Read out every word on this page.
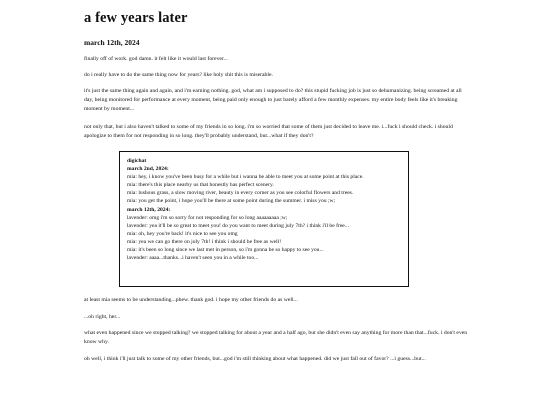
a few years later
march 12th, 2024

finally off of work. god damn. it felt like it would last forever...

do i really have to do the same thing now for years? like holy shit this is miserable.

it's just the same thing again and again, and i'm earning nothing. god, what am i supposed to do? this stupid fucking job is just so dehumanizing. being screamed at all day, being monitored for performance at every moment, being paid only enough to just barely afford a few monthly expenses. my entire body feels like it's breaking moment by moment...

not only that, but i also haven't talked to some of my friends in so long. i'm so worried that some of them just decided to leave me. i...fuck i should check. i should apologize to them for not responding in so long. they'll probably understand, but...what if they don't?

digichat
march 2nd, 2024:
mia: hey, i know you've been busy for a while but i wanna be able to meet you at some point at this place.
mia: there's this place nearby us that honestly has perfect scenery.
mia: lushous grass, a slow moving river, beauty in every corner as you see colorful flowers and trees.
mia: you get the point, i hope you'll be there at some point during the summer. i miss you ;w;
march 12th, 2024:
lavender: omg i'm so sorry for not responding for so long aaaaaaaaa ;w;
lavender: yea it'll be so great to meet you! do you want to meet during july 7th? i think i'll be free...
mia: oh, hey you're back! it's nice to see you omg
mia: yea we can go there on july 7th! i think i should be free as well!
mia: it's been so long since we last met in person, so i'm gonna be so happy to see you...
lavender: aaaa...thanks...i haven't seen you in a while too...

at least mia seems to be understanding...phew. thank god. i hope my other friends do as well...

...oh right, her...

what even happened since we stopped talking? we stopped talking for about a year and a half ago, but she didn't even say anything for more than that...fuck. i don't even know why.

oh well, i think i'll just talk to some of my other friends, but...god i'm still thinking about what happened. did we just fall out of favor? ...i guess...but...
